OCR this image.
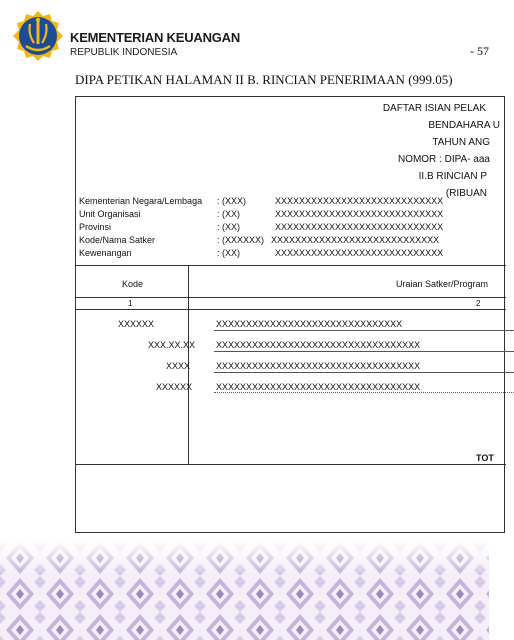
KEMENTERIAN KEUANGAN
REPUBLIK INDONESIA	- 57
DIPA PETIKAN HALAMAN II B. RINCIAN PENERIMAAN (999.05)
DAFTAR ISIAN PELAK
BENDAHARA U
TAHUN ANG
NOMOR : DIPA- aaa
II.B RINCIAN P
(RIBUAN
Kementerian Negara/Lembaga : (XXX)	XXXXXXXXXXXXXXXXXXXXXXXXXXXX
Unit Organisasi	: (XX)	XXXXXXXXXXXXXXXXXXXXXXXXXXXX
Provinsi	: (XX)	XXXXXXXXXXXXXXXXXXXXXXXXXXXX
Kode/Nama Satker	: (XXXXXX) XXXXXXXXXXXXXXXXXXXXXXXXXXXX
Kewenangan	: (XX)	XXXXXXXXXXXXXXXXXXXXXXXXXXXX
Kode	Uraian Satker/Program
1	2
XXXXXX	XXXXXXXXXXXXXXXXXXXXXXXXXXXXXXX
XXX.XX.XX XXXXXXXXXXXXXXXXXXXXXXXXXXXXXXXXXX
XXXX	XXXXXXXXXXXXXXXXXXXXXXXXXXXXXXXXXX
XXXXXX	XXXXXXXXXXXXXXXXXXXXXXXXXXXXXXXXXX
TOT
